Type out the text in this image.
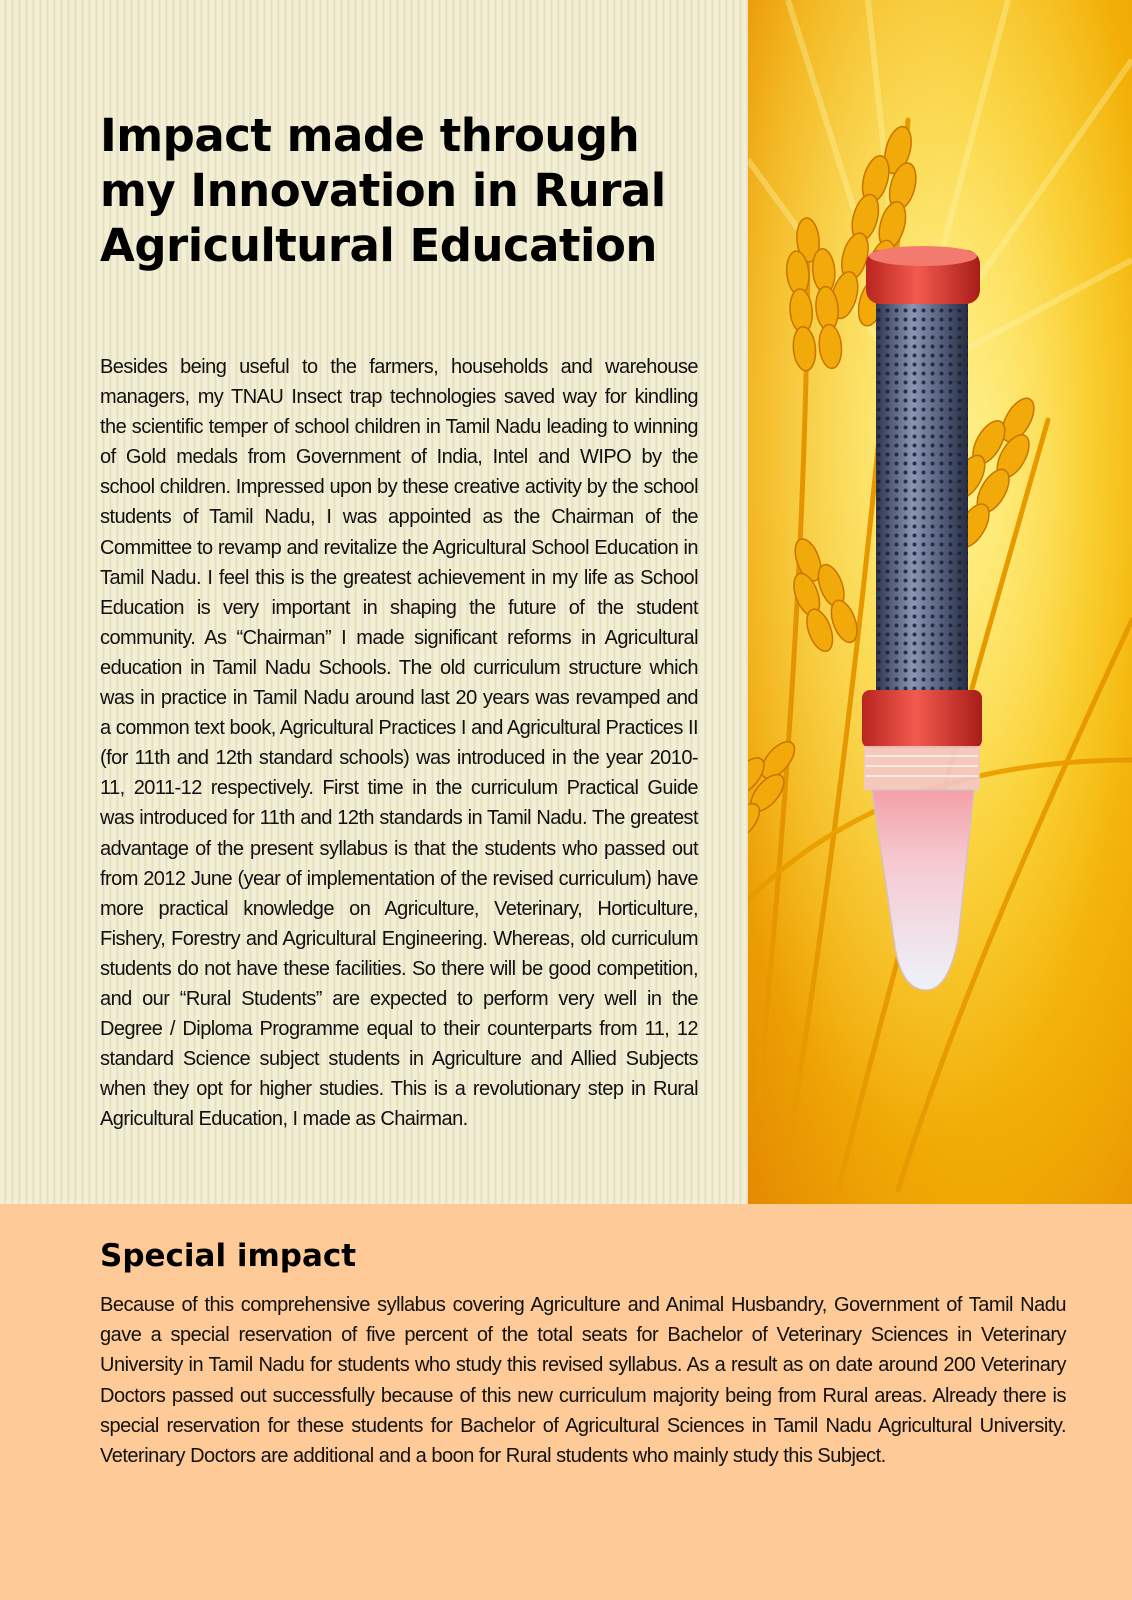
Impact made through my Innovation in Rural Agricultural Education

Besides being useful to the farmers, households and warehouse managers, my TNAU Insect trap technologies saved way for kindling the scientific temper of school children in Tamil Nadu leading to winning of Gold medals from Government of India, Intel and WIPO by the school children. Impressed upon by these creative activity by the school students of Tamil Nadu, I was appointed as the Chairman of the Committee to revamp and revitalize the Agricultural School Education in Tamil Nadu. I feel this is the greatest achievement in my life as School Education is very important in shaping the future of the student community. As “Chairman” I made significant reforms in Agricultural education in Tamil Nadu Schools. The old curriculum structure which was in practice in Tamil Nadu around last 20 years was revamped and a common text book, Agricultural Practices I and Agricultural Practices II (for 11th and 12th standard schools) was introduced in the year 2010-11, 2011-12 respectively. First time in the curriculum Practical Guide was introduced for 11th and 12th standards in Tamil Nadu. The greatest advantage of the present syllabus is that the students who passed out from 2012 June (year of implementation of the revised curriculum) have more practical knowledge on Agriculture, Veterinary, Horticulture, Fishery, Forestry and Agricultural Engineering. Whereas, old curriculum students do not have these facilities. So there will be good competition, and our “Rural Students” are expected to perform very well in the Degree / Diploma Programme equal to their counterparts from 11, 12 standard Science subject students in Agriculture and Allied Subjects when they opt for higher studies. This is a revolutionary step in Rural Agricultural Education, I made as Chairman.

Special impact

Because of this comprehensive syllabus covering Agriculture and Animal Husbandry, Government of Tamil Nadu gave a special reservation of five percent of the total seats for Bachelor of Veterinary Sciences in Veterinary University in Tamil Nadu for students who study this revised syllabus. As a result as on date around 200 Veterinary Doctors passed out successfully because of this new curriculum majority being from Rural areas. Already there is special reservation for these students for Bachelor of Agricultural Sciences in Tamil Nadu Agricultural University. Veterinary Doctors are additional and a boon for Rural students who mainly study this Subject.
